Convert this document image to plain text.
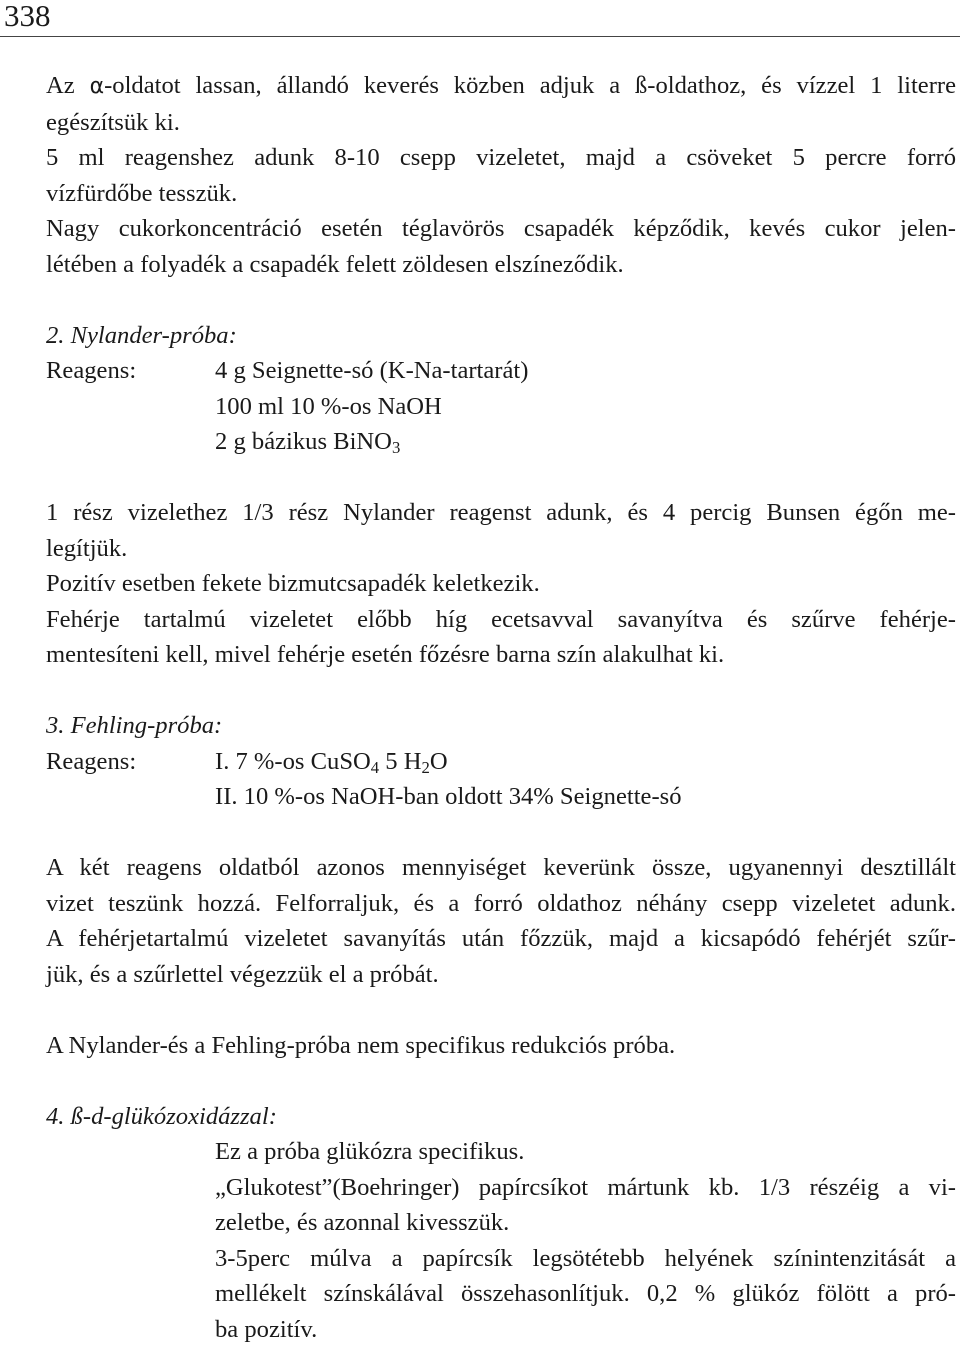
338

Az α-oldatot lassan, állandó keverés közben adjuk a ß-oldathoz, és vízzel 1 literre

egészítsük ki.

5 ml reagenshez adunk 8-10 csepp vizeletet, majd a csöveket 5 percre forró

vízfürdőbe tesszük.

Nagy cukorkoncentráció esetén téglavörös csapadék képződik, kevés cukor jelen-

létében a folyadék a csapadék felett zöldesen elszíneződik.

2. Nylander-próba:

Reagens:	4 g Seignette-só (K-Na-tartarát)

100 ml 10 %-os NaOH

2 g bázikus BiNO$_3$

1 rész vizelethez 1/3 rész Nylander reagenst adunk, és 4 percig Bunsen égőn me-

legítjük.

Pozitív esetben fekete bizmutcsapadék keletkezik.

Fehérje tartalmú vizeletet előbb híg ecetsavval savanyítva és szűrve fehérje-

mentesíteni kell, mivel fehérje esetén főzésre barna szín alakulhat ki.

3. Fehling-próba:

Reagens:	I. 7 %-os CuSO$_4$ 5 $H_2O$

II. 10 %-os NaOH-ban oldott 34% Seignette-só

A két reagens oldatból azonos mennyiséget keverünk össze, ugyanennyi desztillált

vizet teszünk hozzá. Felforraljuk, és a forró oldathoz néhány csepp vizeletet adunk.

A fehérjetartalmú vizeletet savanyítás után főzzük, majd a kicsapódó fehérjét szűr-

jük, és a szűrlettel végezzük el a próbát.

A Nylander-és a Fehling-próba nem specifikus redukciós próba.

4. ß-d-glükózoxidázzal:

Ez a próba glükózra specifikus.

„Glukotest”(Boehringer) papírcsíkot mártunk kb. 1/3 részéig a vi-

zeletbe, és azonnal kivesszük.

3-5perc múlva a papírcsík legsötétebb helyének színintenzitását a

mellékelt színskálával összehasonlítjuk. 0,2 % glükóz fölött a pró-

ba pozitív.
